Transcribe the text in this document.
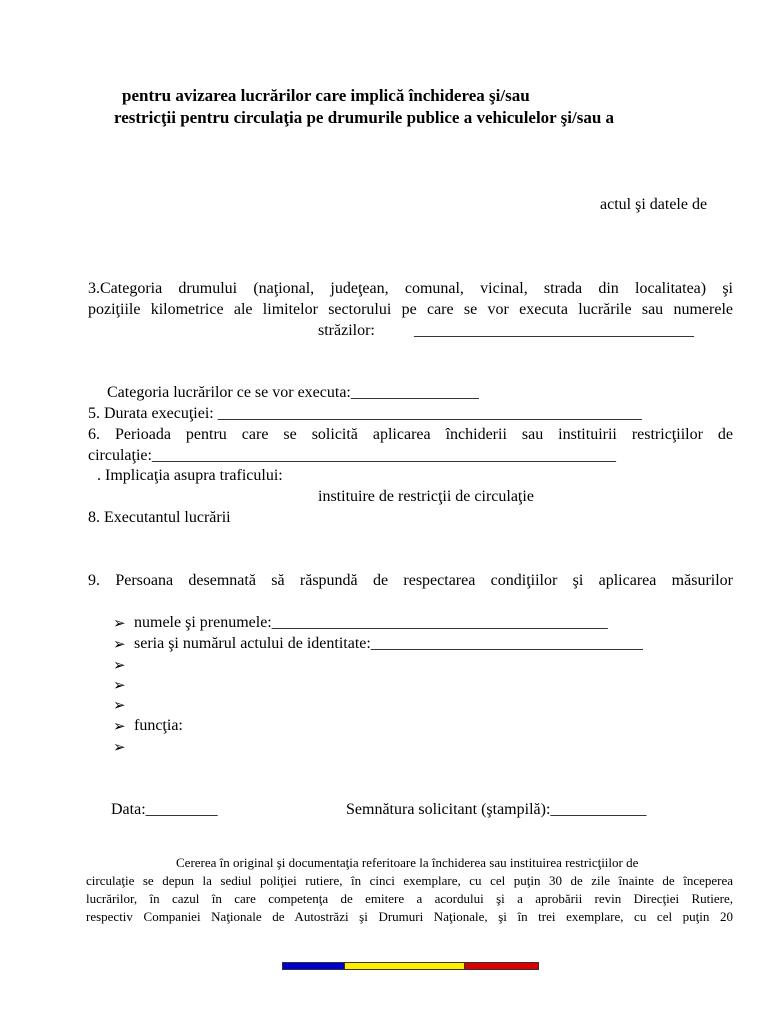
pentru avizarea lucrărilor care implică închiderea şi/sau
restricţii pentru circulaţia pe drumurile publice a vehiculelor şi/sau a
actul şi datele de
3.Categoria drumului (naţional, judeţean, comunal, vicinal, strada din localitatea) şi
poziţiile kilometrice ale limitelor sectorului pe care se vor executa lucrările sau numerele
străzilor: ___________________________________
Categoria lucrărilor ce se vor executa:________________
5. Durata execuţiei: _____________________________________________________
6. Perioada pentru care se solicită aplicarea închiderii sau instituirii restricţiilor de
circulaţie:__________________________________________________________
. Implicaţia asupra traficului:
instituire de restricţii de circulaţie
8. Executantul lucrării
9. Persoana desemnată să răspundă de respectarea condiţiilor şi aplicarea măsurilor
➢ numele şi prenumele:__________________________________________
➢ seria şi numărul actului de identitate:__________________________________
➢
➢
➢
➢ funcţia:
➢
Data:_________	Semnătura solicitant (ştampilă):____________
Cererea în original şi documentaţia referitoare la închiderea sau instituirea restricţiilor de
circulaţie se depun la sediul poliţiei rutiere, în cinci exemplare, cu cel puţin 30 de zile înainte de începerea
lucrărilor, în cazul în care competenţa de emitere a acordului şi a aprobării revin Direcţiei Rutiere,
respectiv Companiei Naţionale de Autostrăzi şi Drumuri Naţionale, şi în trei exemplare, cu cel puţin 20
